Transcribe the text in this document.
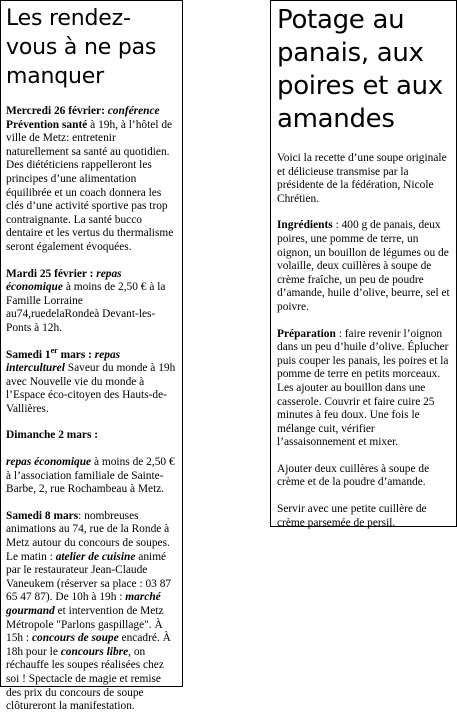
Les rendez-vous à ne pas manquer

Mercredi 26 février: conférence Prévention santé à 19h, à l’hôtel de ville de Metz: entretenir naturellement sa santé au quotidien. Des diététiciens rappelleront les principes d’une alimentation équilibrée et un coach donnera les clés d’une activité sportive pas trop contraignante. La santé bucco dentaire et les vertus du thermalisme seront également évoquées.

Mardi 25 février : repas économique à moins de 2,50 € à la Famille Lorraine au74,ruedelaRondeà Devant-les-Ponts à 12h.

Samedi 1er mars : repas interculturel Saveur du monde à 19h avec Nouvelle vie du monde à l’Espace éco-citoyen des Hauts-de-Vallières.

Dimanche 2 mars :

repas économique à moins de 2,50 € à l’association familiale de Sainte-Barbe, 2, rue Rochambeau à Metz.

Samedi 8 mars: nombreuses animations au 74, rue de la Ronde à Metz autour du concours de soupes. Le matin : atelier de cuisine animé par le restaurateur Jean-Claude Vaneukem (réserver sa place : 03 87 65 47 87). De 10h à 19h : marché gourmand et intervention de Metz Métropole "Parlons gaspillage". À 15h : concours de soupe encadré. À 18h pour le concours libre, on réchauffe les soupes réalisées chez soi ! Spectacle de magie et remise des prix du concours de soupe clôtureront la manifestation.

Potage au panais, aux poires et aux amandes

Voici la recette d’une soupe originale et délicieuse transmise par la présidente de la fédération, Nicole Chrétien.

Ingrédients : 400 g de panais, deux poires, une pomme de terre, un oignon, un bouillon de légumes ou de volaille, deux cuillères à soupe de crème fraîche, un peu de poudre d’amande, huile d’olive, beurre, sel et poivre.

Préparation : faire revenir l’oignon dans un peu d’huile d’olive. Éplucher puis couper les panais, les poires et la pomme de terre en petits morceaux. Les ajouter au bouillon dans une casserole. Couvrir et faire cuire 25 minutes à feu doux. Une fois le mélange cuit, vérifier l’assaisonnement et mixer.

Ajouter deux cuillères à soupe de crème et de la poudre d’amande.

Servir avec une petite cuillère de crème parsemée de persil.
